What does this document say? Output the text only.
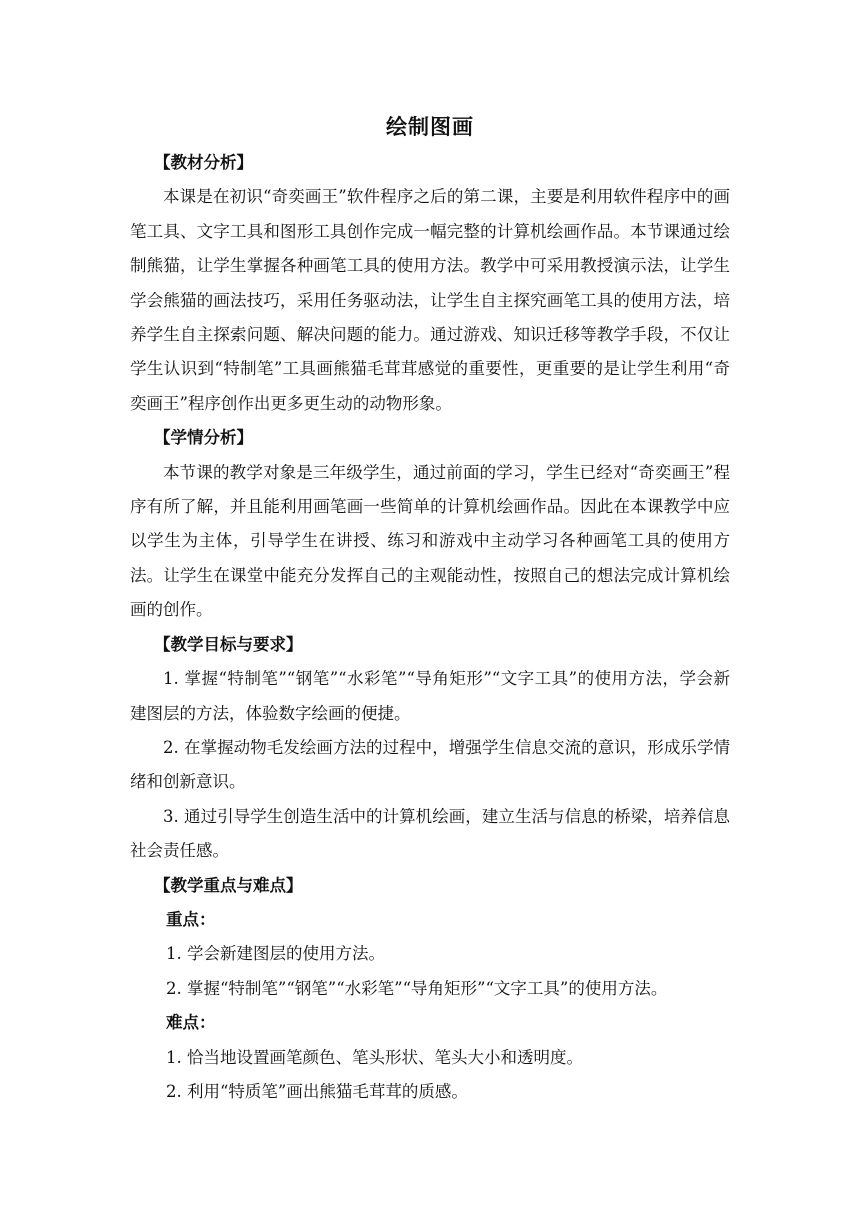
绘制图画

【教材分析】

本课是在初识“奇奕画王”软件程序之后的第二课，主要是利用软件程序中的画笔工具、文字工具和图形工具创作完成一幅完整的计算机绘画作品。本节课通过绘制熊猫，让学生掌握各种画笔工具的使用方法。教学中可采用教授演示法，让学生学会熊猫的画法技巧，采用任务驱动法，让学生自主探究画笔工具的使用方法，培养学生自主探索问题、解决问题的能力。通过游戏、知识迁移等教学手段，不仅让学生认识到“特制笔”工具画熊猫毛茸茸感觉的重要性，更重要的是让学生利用“奇奕画王”程序创作出更多更生动的动物形象。

【学情分析】

本节课的教学对象是三年级学生，通过前面的学习，学生已经对“奇奕画王”程序有所了解，并且能利用画笔画一些简单的计算机绘画作品。因此在本课教学中应以学生为主体，引导学生在讲授、练习和游戏中主动学习各种画笔工具的使用方法。让学生在课堂中能充分发挥自己的主观能动性，按照自己的想法完成计算机绘画的创作。

【教学目标与要求】

1. 掌握“特制笔”“钢笔”“水彩笔”“导角矩形”“文字工具”的使用方法，学会新建图层的方法，体验数字绘画的便捷。

2. 在掌握动物毛发绘画方法的过程中，增强学生信息交流的意识，形成乐学情绪和创新意识。

3. 通过引导学生创造生活中的计算机绘画，建立生活与信息的桥梁，培养信息社会责任感。

【教学重点与难点】

重点：

1. 学会新建图层的使用方法。

2. 掌握“特制笔”“钢笔”“水彩笔”“导角矩形”“文字工具”的使用方法。

难点：

1. 恰当地设置画笔颜色、笔头形状、笔头大小和透明度。

2. 利用“特质笔”画出熊猫毛茸茸的质感。
